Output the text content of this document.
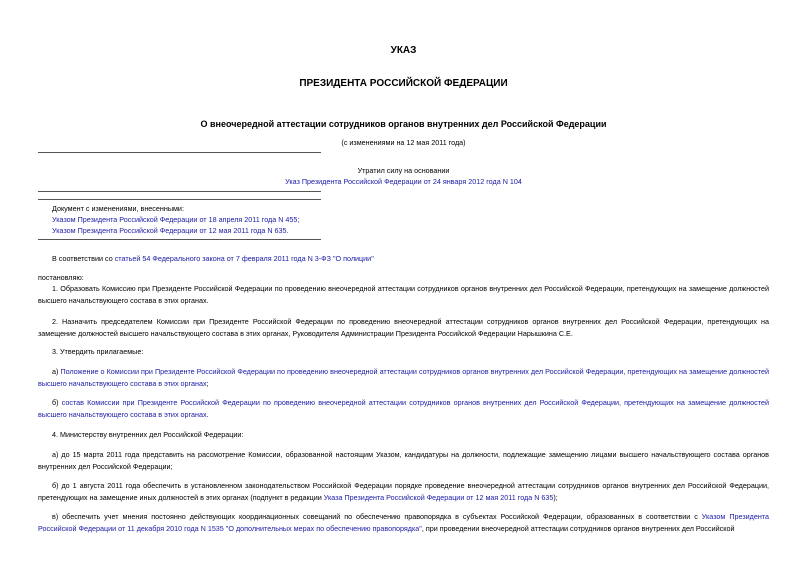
УКАЗ
ПРЕЗИДЕНТА РОССИЙСКОЙ ФЕДЕРАЦИИ
О внеочередной аттестации сотрудников органов внутренних дел Российской Федерации
(с изменениями на 12 мая 2011 года)
Утратил силу на основании
Указ Президента Российской Федерации от 24 января 2012 года N 104
Документ с изменениями, внесенными:
Указом Президента Российской Федерации от 18 апреля 2011 года N 455;
Указом Президента Российской Федерации от 12 мая 2011 года N 635.
В соответствии со статьей 54 Федерального закона от 7 февраля 2011 года N 3-ФЗ "О полиции"
постановляю:
1. Образовать Комиссию при Президенте Российской Федерации по проведению внеочередной аттестации сотрудников органов внутренних дел Российской Федерации, претендующих на замещение должностей высшего начальствующего состава в этих органах.
2. Назначить председателем Комиссии при Президенте Российской Федерации по проведению внеочередной аттестации сотрудников органов внутренних дел Российской Федерации, претендующих на замещение должностей высшего начальствующего состава в этих органах, Руководителя Администрации Президента Российской Федерации Нарышкина С.Е.
3. Утвердить прилагаемые:
а) Положение о Комиссии при Президенте Российской Федерации по проведению внеочередной аттестации сотрудников органов внутренних дел Российской Федерации, претендующих на замещение должностей высшего начальствующего состава в этих органах;
б) состав Комиссии при Президенте Российской Федерации по проведению внеочередной аттестации сотрудников органов внутренних дел Российской Федерации, претендующих на замещение должностей высшего начальствующего состава в этих органах.
4. Министерству внутренних дел Российской Федерации:
а) до 15 марта 2011 года представить на рассмотрение Комиссии, образованной настоящим Указом, кандидатуры на должности, подлежащие замещению лицами высшего начальствующего состава органов внутренних дел Российской Федерации;
б) до 1 августа 2011 года обеспечить в установленном законодательством Российской Федерации порядке проведение внеочередной аттестации сотрудников органов внутренних дел Российской Федерации, претендующих на замещение иных должностей в этих органах (подпункт в редакции Указа Президента Российской Федерации от 12 мая 2011 года N 635);
в) обеспечить учет мнения постоянно действующих координационных совещаний по обеспечению правопорядка в субъектах Российской Федерации, образованных в соответствии с Указом Президента Российской Федерации от 11 декабря 2010 года N 1535 "О дополнительных мерах по обеспечению правопорядка", при проведении внеочередной аттестации сотрудников органов внутренних дел Российской
